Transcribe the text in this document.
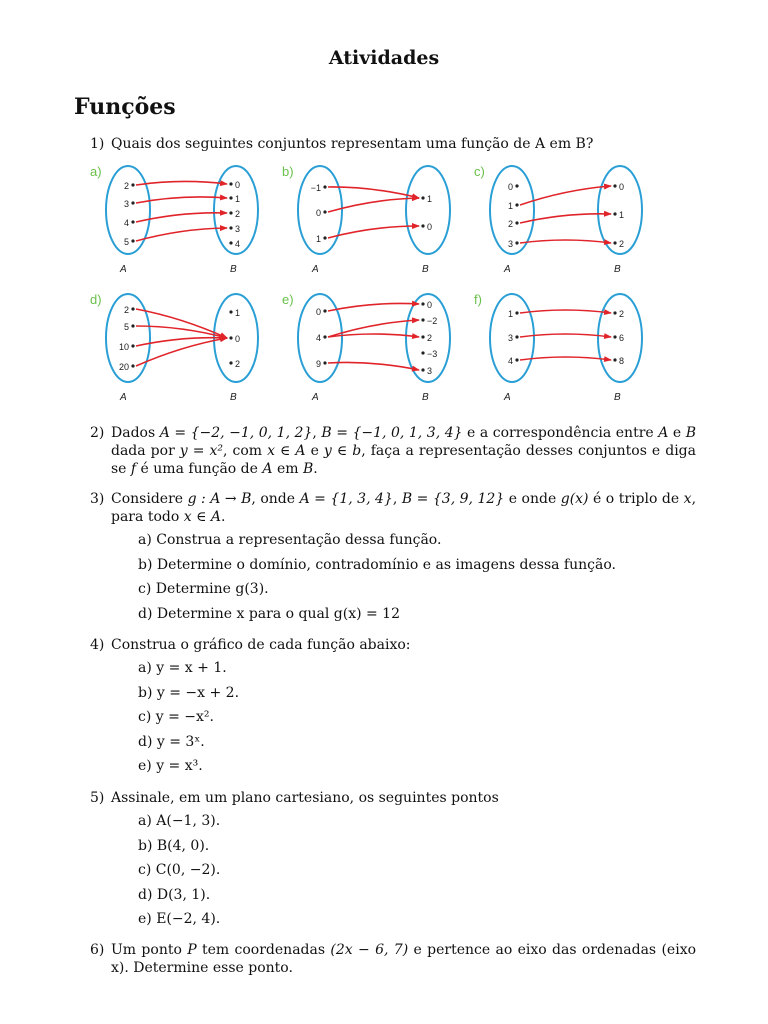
Atividades
Funções
1) Quais dos seguintes conjuntos representam uma função de A em B?
a)
2
3
4
5
0
1
2
3
4
A	B
b)
−1
0
1
1
0
A	B
c)
0
1
2
3
0
1
2
A	B
d)
2
5
10
20
1
0
2
A	B
e)
0
4
9
0
−2
2
−3
3
A	B
f)
1
3
4
2
6
8
A	B
2) Dados A = {−2, −1, 0, 1, 2}, B = {−1, 0, 1, 3, 4} e a correspondência entre A e B dada por y = x², com x ∈ A e y ∈ b, faça a representação desses conjuntos e diga se f é uma função de A em B.
3) Considere g : A → B, onde A = {1, 3, 4}, B = {3, 9, 12} e onde g(x) é o triplo de x, para todo x ∈ A.
a) Construa a representação dessa função.
b) Determine o domínio, contradomínio e as imagens dessa função.
c) Determine g(3).
d) Determine x para o qual g(x) = 12
4) Construa o gráfico de cada função abaixo:
a) y = x + 1.
b) y = −x + 2.
c) y = −x².
d) y = 3ˣ.
e) y = x³.
5) Assinale, em um plano cartesiano, os seguintes pontos
a) A(−1, 3).
b) B(4, 0).
c) C(0, −2).
d) D(3, 1).
e) E(−2, 4).
6) Um ponto P tem coordenadas (2x − 6, 7) e pertence ao eixo das ordenadas (eixo x). Determine esse ponto.
